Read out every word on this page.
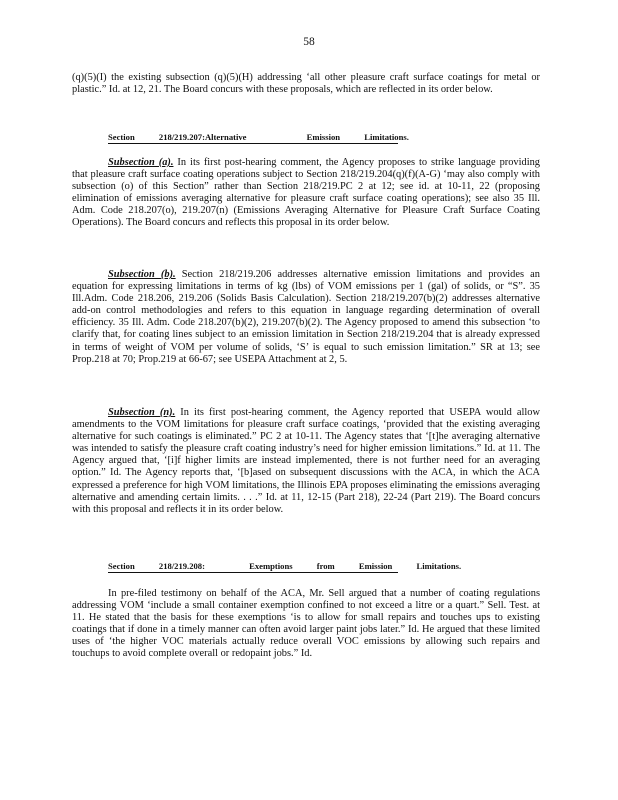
58

(q)(5)(I) the existing subsection (q)(5)(H) addressing ‘all other pleasure craft surface coatings for metal or plastic.” Id. at 12, 21. The Board concurs with these proposals, which are reflected in its order below.

Section	218/219.207:Alternative	Emission	Limitations.

Subsection (a). In its first post-hearing comment, the Agency proposes to strike language providing that pleasure craft surface coating operations subject to Section 218/219.204(q)(f)(A-G) ‘may also comply with subsection (o) of this Section” rather than Section 218/219.PC 2 at 12; see id. at 10-11, 22 (proposing elimination of emissions averaging alternative for pleasure craft surface coating operations); see also 35 Ill. Adm. Code 218.207(o), 219.207(n) (Emissions Averaging Alternative for Pleasure Craft Surface Coating Operations). The Board concurs and reflects this proposal in its order below.

Subsection (b). Section 218/219.206 addresses alternative emission limitations and provides an equation for expressing limitations in terms of kg (lbs) of VOM emissions per 1 (gal) of solids, or “S”. 35 Ill.Adm. Code 218.206, 219.206 (Solids Basis Calculation). Section 218/219.207(b)(2) addresses alternative add-on control methodologies and refers to this equation in language regarding determination of overall efficiency. 35 Ill. Adm. Code 218.207(b)(2), 219.207(b)(2). The Agency proposed to amend this subsection ‘to clarify that, for coating lines subject to an emission limitation in Section 218/219.204 that is already expressed in terms of weight of VOM per volume of solids, ‘S’ is equal to such emission limitation.” SR at 13; see Prop.218 at 70; Prop.219 at 66-67; see USEPA Attachment at 2, 5.

Subsection (n). In its first post-hearing comment, the Agency reported that USEPA would allow amendments to the VOM limitations for pleasure craft surface coatings, ‘provided that the existing averaging alternative for such coatings is eliminated.” PC 2 at 10-11. The Agency states that ‘[t]he averaging alternative was intended to satisfy the pleasure craft coating industry’s need for higher emission limitations.” Id. at 11. The Agency argued that, ‘[i]f higher limits are instead implemented, there is not further need for an averaging option.” Id. The Agency reports that, ‘[b]ased on subsequent discussions with the ACA, in which the ACA expressed a preference for high VOM limitations, the Illinois EPA proposes eliminating the emissions averaging alternative and amending certain limits. . . .” Id. at 11, 12-15 (Part 218), 22-24 (Part 219). The Board concurs with this proposal and reflects it in its order below.

Section	218/219.208:	Exemptions	from	Emission	Limitations.

In pre-filed testimony on behalf of the ACA, Mr. Sell argued that a number of coating regulations addressing VOM ‘include a small container exemption confined to not exceed a litre or a quart.” Sell. Test. at 11. He stated that the basis for these exemptions ‘is to allow for small repairs and touches ups to existing coatings that if done in a timely manner can often avoid larger paint jobs later.” Id. He argued that these limited uses of ‘the higher VOC materials actually reduce overall VOC emissions by allowing such repairs and touchups to avoid complete overall or redopaint jobs.” Id.
